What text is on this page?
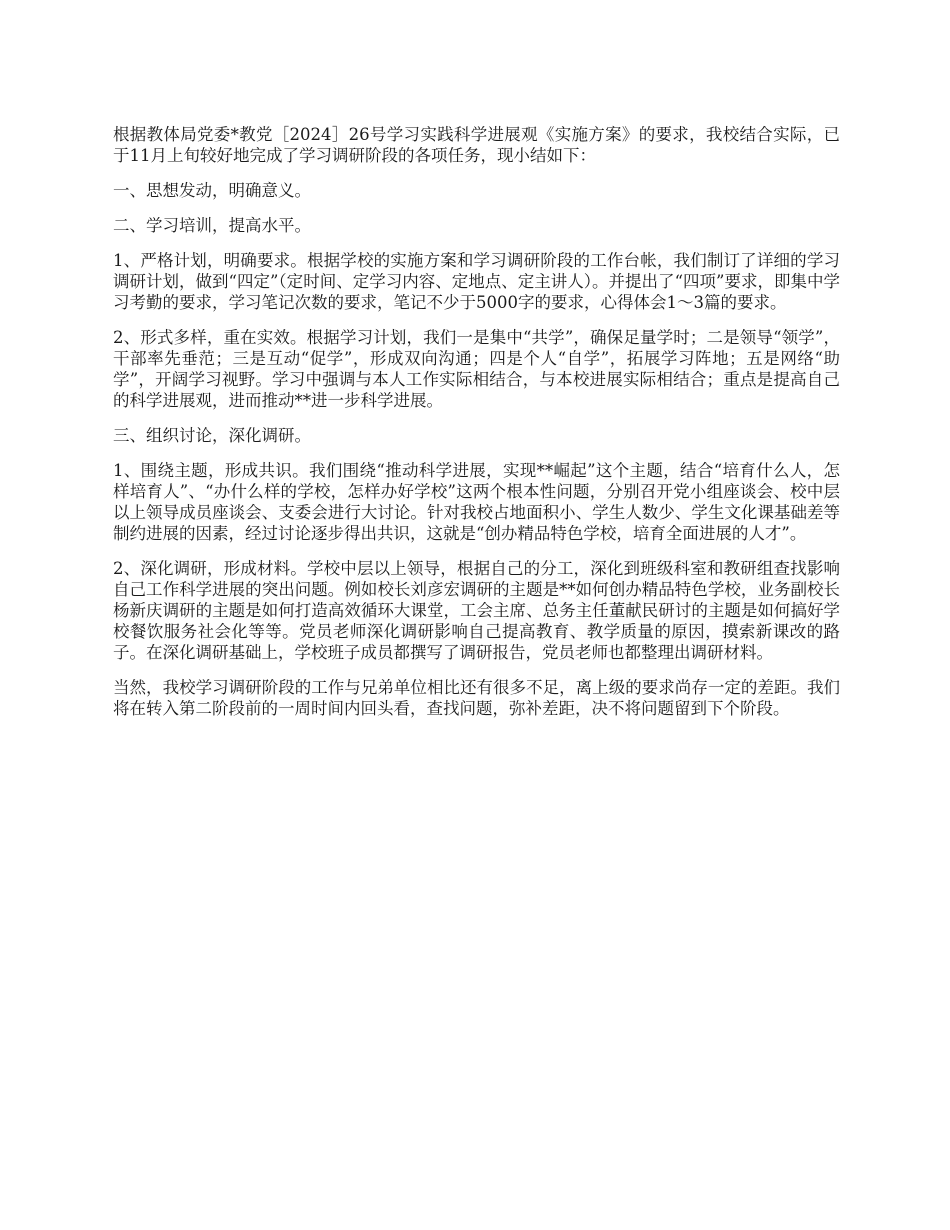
根据教体局党委*教党［2024］26号学习实践科学进展观《实施方案》的要求，我校结合实际，已于11月上旬较好地完成了学习调研阶段的各项任务，现小结如下：

一、思想发动，明确意义。

二、学习培训，提高水平。

1、严格计划，明确要求。根据学校的实施方案和学习调研阶段的工作台帐，我们制订了详细的学习调研计划，做到“四定”（定时间、定学习内容、定地点、定主讲人）。并提出了“四项”要求，即集中学习考勤的要求，学习笔记次数的要求，笔记不少于5000字的要求，心得体会1～3篇的要求。

2、形式多样，重在实效。根据学习计划，我们一是集中“共学”，确保足量学时；二是领导“领学”，干部率先垂范；三是互动“促学”，形成双向沟通；四是个人“自学”，拓展学习阵地；五是网络“助学”，开阔学习视野。学习中强调与本人工作实际相结合，与本校进展实际相结合；重点是提高自己的科学进展观，进而推动**进一步科学进展。

三、组织讨论，深化调研。

1、围绕主题，形成共识。我们围绕“推动科学进展，实现**崛起”这个主题，结合“培育什么人，怎样培育人”、“办什么样的学校，怎样办好学校”这两个根本性问题，分别召开党小组座谈会、校中层以上领导成员座谈会、支委会进行大讨论。针对我校占地面积小、学生人数少、学生文化课基础差等制约进展的因素，经过讨论逐步得出共识，这就是“创办精品特色学校，培育全面进展的人才”。

2、深化调研，形成材料。学校中层以上领导，根据自己的分工，深化到班级科室和教研组查找影响自己工作科学进展的突出问题。例如校长刘彦宏调研的主题是**如何创办精品特色学校，业务副校长杨新庆调研的主题是如何打造高效循环大课堂，工会主席、总务主任董献民研讨的主题是如何搞好学校餐饮服务社会化等等。党员老师深化调研影响自己提高教育、教学质量的原因，摸索新课改的路子。在深化调研基础上，学校班子成员都撰写了调研报告，党员老师也都整理出调研材料。

当然，我校学习调研阶段的工作与兄弟单位相比还有很多不足，离上级的要求尚存一定的差距。我们将在转入第二阶段前的一周时间内回头看，查找问题，弥补差距，决不将问题留到下个阶段。
